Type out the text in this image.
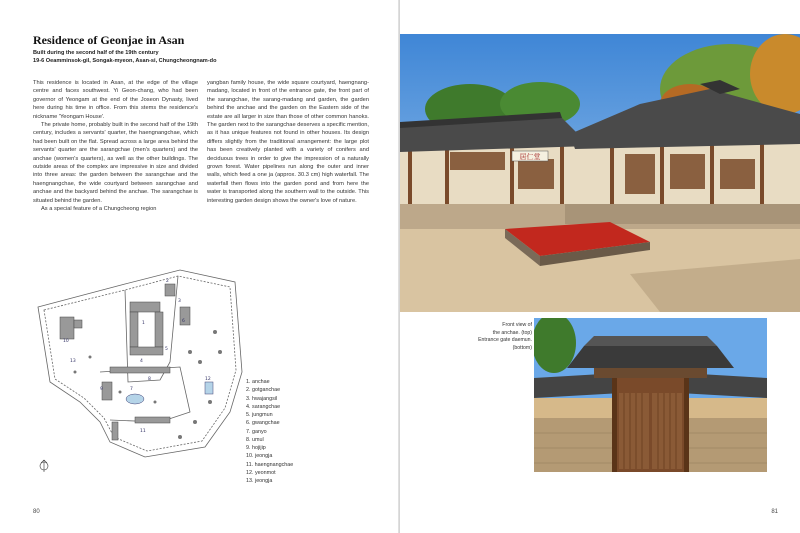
Residence of Geonjae in Asan
Built during the second half of the 19th century
19-6 Oeamminsok-gil, Songak-myeon, Asan-si, Chungcheongnam-do

This residence is located in Asan, at the edge of the village centre and faces southwest. Yi Geon-chang, who had been governor of Yeongam at the end of the Joseon Dynasty, lived here during his time in office. From this stems the residence's nickname 'Yeongam House'.

The private home, probably built in the second half of the 19th century, includes a servants' quarter, the haengnangchae, which had been built on the flat. Spread across a large area behind the servants' quarter are the sarangchae (men's quarters) and the anchae (women's quarters), as well as the other buildings. The outside areas of the complex are impressive in size and divided into three areas: the garden between the sarangchae and the haengnangchae, the wide courtyard between sarangchae and anchae and the backyard behind the anchae. The sarangchae is situated behind the garden.

As a special feature of a Chungcheong region

yangban family house, the wide square courtyard, haengnang-madang, located in front of the entrance gate, the front part of the sarangchae, the sarang-madang and garden, the garden behind the anchae and the garden on the Eastern side of the estate are all larger in size than those of other common hanoks. The garden next to the sarangchae deserves a specific mention, as it has unique features not found in other houses. Its design differs slightly from the traditional arrangement: the large plot has been creatively planted with a variety of conifers and deciduous trees in order to give the impression of a naturally grown forest. Water pipelines run along the outer and inner walls, which feed a one ja (approx. 30.3 cm) high waterfall. The waterfall then flows into the garden pond and from here the water is transported along the southern wall to the outside. This interesting garden design shows the owner's love of nature.

1
2
3
4
5
6
7
8
9
10
11
12
13
1. anchae
2. gotganchae
3. hwajangsil
4. sarangchae
5. jungmun
6. gwangchae
7. ganyo
8. umul
9. hojijip
10. jeongja
11. haengnangchae
12. yeonmot
13. jeongja
80
居仁堂
Front view of
the anchae. (top)
Entrance gate daemun.
(bottom)
81
